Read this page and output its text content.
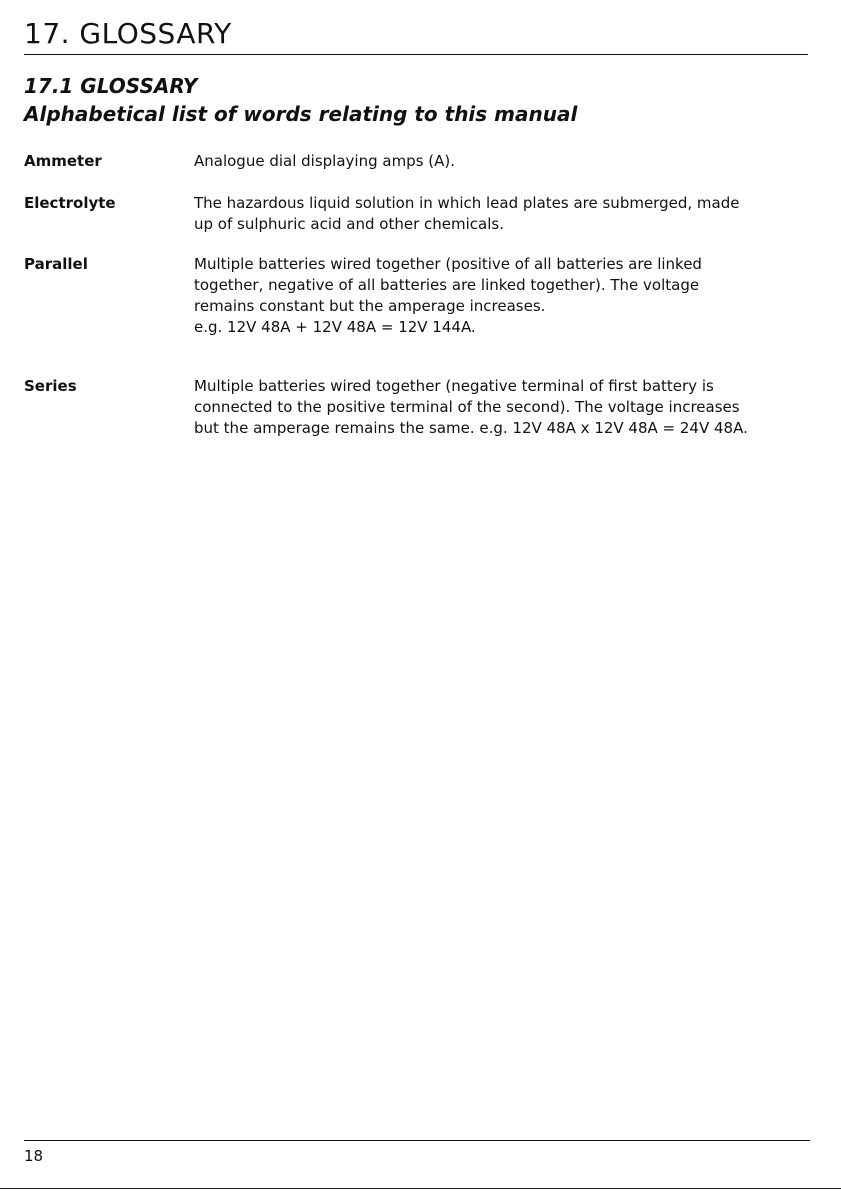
17. GLOSSARY
17.1 GLOSSARY
Alphabetical list of words relating to this manual
Ammeter	Analogue dial displaying amps (A).
Electrolyte	The hazardous liquid solution in which lead plates are submerged, made
up of sulphuric acid and other chemicals.
Parallel	Multiple batteries wired together (positive of all batteries are linked
together, negative of all batteries are linked together). The voltage
remains constant but the amperage increases.
e.g. 12V 48A + 12V 48A = 12V 144A.
Series	Multiple batteries wired together (negative terminal of first battery is
connected to the positive terminal of the second). The voltage increases
but the amperage remains the same. e.g. 12V 48A x 12V 48A = 24V 48A.
18
